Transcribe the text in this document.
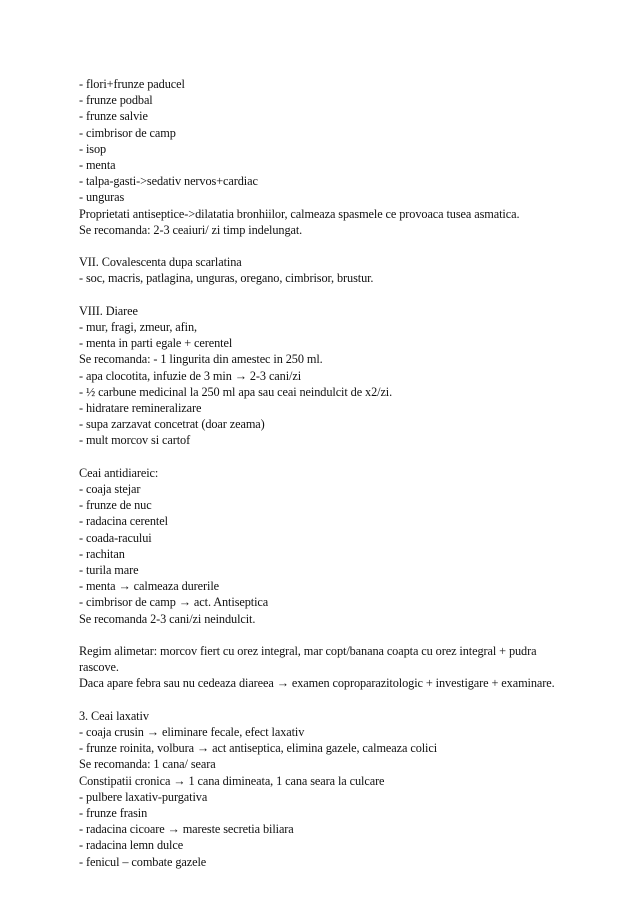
- flori+frunze paducel
- frunze podbal
- frunze salvie
- cimbrisor de camp
- isop
- menta
- talpa-gasti->sedativ nervos+cardiac
- unguras
Proprietati antiseptice->dilatatia bronhiilor, calmeaza spasmele ce provoaca tusea asmatica.
Se recomanda: 2-3 ceaiuri/ zi timp indelungat.
VII. Covalescenta dupa scarlatina
- soc, macris, patlagina, unguras, oregano, cimbrisor, brustur.
VIII. Diaree
- mur, fragi, zmeur, afin,
- menta in parti egale + cerentel
Se recomanda: - 1 lingurita din amestec in 250 ml.
- apa clocotita, infuzie de 3 min → 2-3 cani/zi
- ½ carbune medicinal la 250 ml apa sau ceai neindulcit de x2/zi.
- hidratare remineralizare
- supa zarzavat concetrat (doar zeama)
- mult morcov si cartof
Ceai antidiareic:
- coaja stejar
- frunze de nuc
- radacina cerentel
- coada-racului
- rachitan
- turila mare
- menta → calmeaza durerile
- cimbrisor de camp → act. Antiseptica
Se recomanda 2-3 cani/zi neindulcit.
Regim alimetar: morcov fiert cu orez integral, mar copt/banana coapta cu orez integral + pudra rascove.
Daca apare febra sau nu cedeaza diareea → examen coproparazitologic + investigare + examinare.
3. Ceai laxativ
- coaja crusin → eliminare fecale, efect laxativ
- frunze roinita, volbura → act antiseptica, elimina gazele, calmeaza colici
Se recomanda: 1 cana/ seara
Constipatii cronica → 1 cana dimineata, 1 cana seara la culcare
- pulbere laxativ-purgativa
- frunze frasin
- radacina cicoare → mareste secretia biliara
- radacina lemn dulce
- fenicul – combate gazele
